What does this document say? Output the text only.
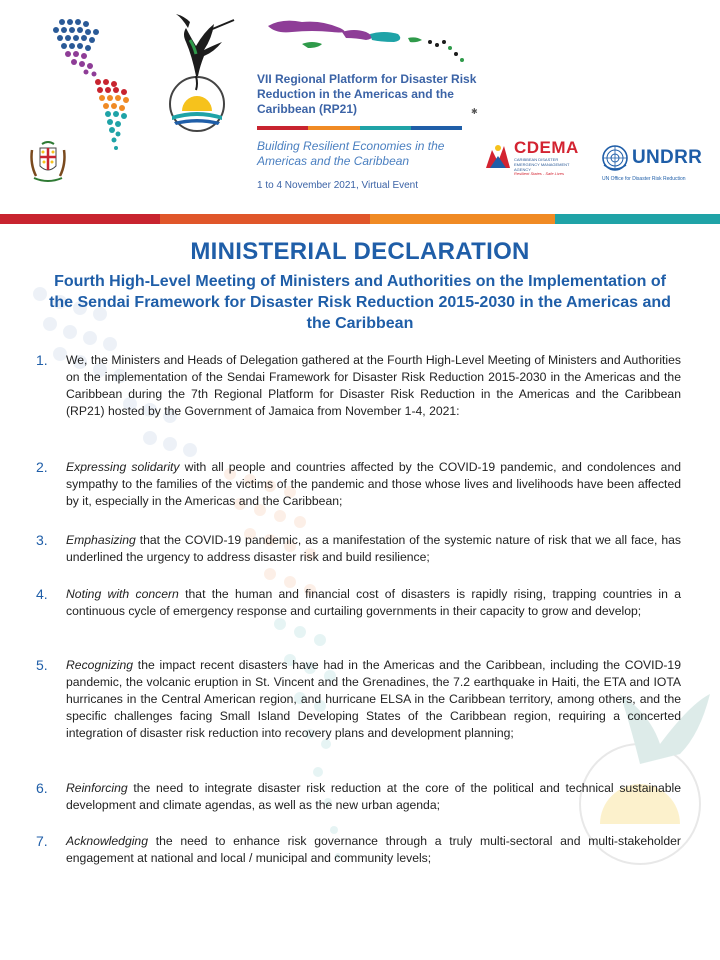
VII Regional Platform for Disaster Risk Reduction in the Americas and the Caribbean (RP21)	✱
Building Resilient Economies in the Americas and the Caribbean
1 to 4 November 2021, Virtual Event
CDEMA
CARIBBEAN DISASTER EMERGENCY MANAGEMENT AGENCY
Resilient States - Safe Lives
UNDRR
UN Office for Disaster Risk Reduction
MINISTERIAL DECLARATION
Fourth High-Level Meeting of Ministers and Authorities on the Implementation of the Sendai Framework for Disaster Risk Reduction 2015-2030 in the Americas and the Caribbean
1. We, the Ministers and Heads of Delegation gathered at the Fourth High-Level Meeting of Ministers and Authorities on the implementation of the Sendai Framework for Disaster Risk Reduction 2015-2030 in the Americas and the Caribbean during the 7th Regional Platform for Disaster Risk Reduction in the Americas and the Caribbean (RP21) hosted by the Government of Jamaica from November 1-4, 2021:
2. Expressing solidarity with all people and countries affected by the COVID-19 pandemic, and condolences and sympathy to the families of the victims of the pandemic and those whose lives and livelihoods have been affected by it, especially in the Americas and the Caribbean;
3. Emphasizing that the COVID-19 pandemic, as a manifestation of the systemic nature of risk that we all face, has underlined the urgency to address disaster risk and build resilience;
4. Noting with concern that the human and financial cost of disasters is rapidly rising, trapping countries in a continuous cycle of emergency response and curtailing governments in their capacity to grow and develop;
5. Recognizing the impact recent disasters have had in the Americas and the Caribbean, including the COVID-19 pandemic, the volcanic eruption in St. Vincent and the Grenadines, the 7.2 earthquake in Haiti, the ETA and IOTA hurricanes in the Central American region, and hurricane ELSA in the Caribbean territory, among others, and the specific challenges facing Small Island Developing States of the Caribbean region, requiring a concerted integration of disaster risk reduction into recovery plans and development planning;
6. Reinforcing the need to integrate disaster risk reduction at the core of the political and technical sustainable development and climate agendas, as well as the new urban agenda;
7. Acknowledging the need to enhance risk governance through a truly multi-sectoral and multi-stakeholder engagement at national and local / municipal and community levels;
